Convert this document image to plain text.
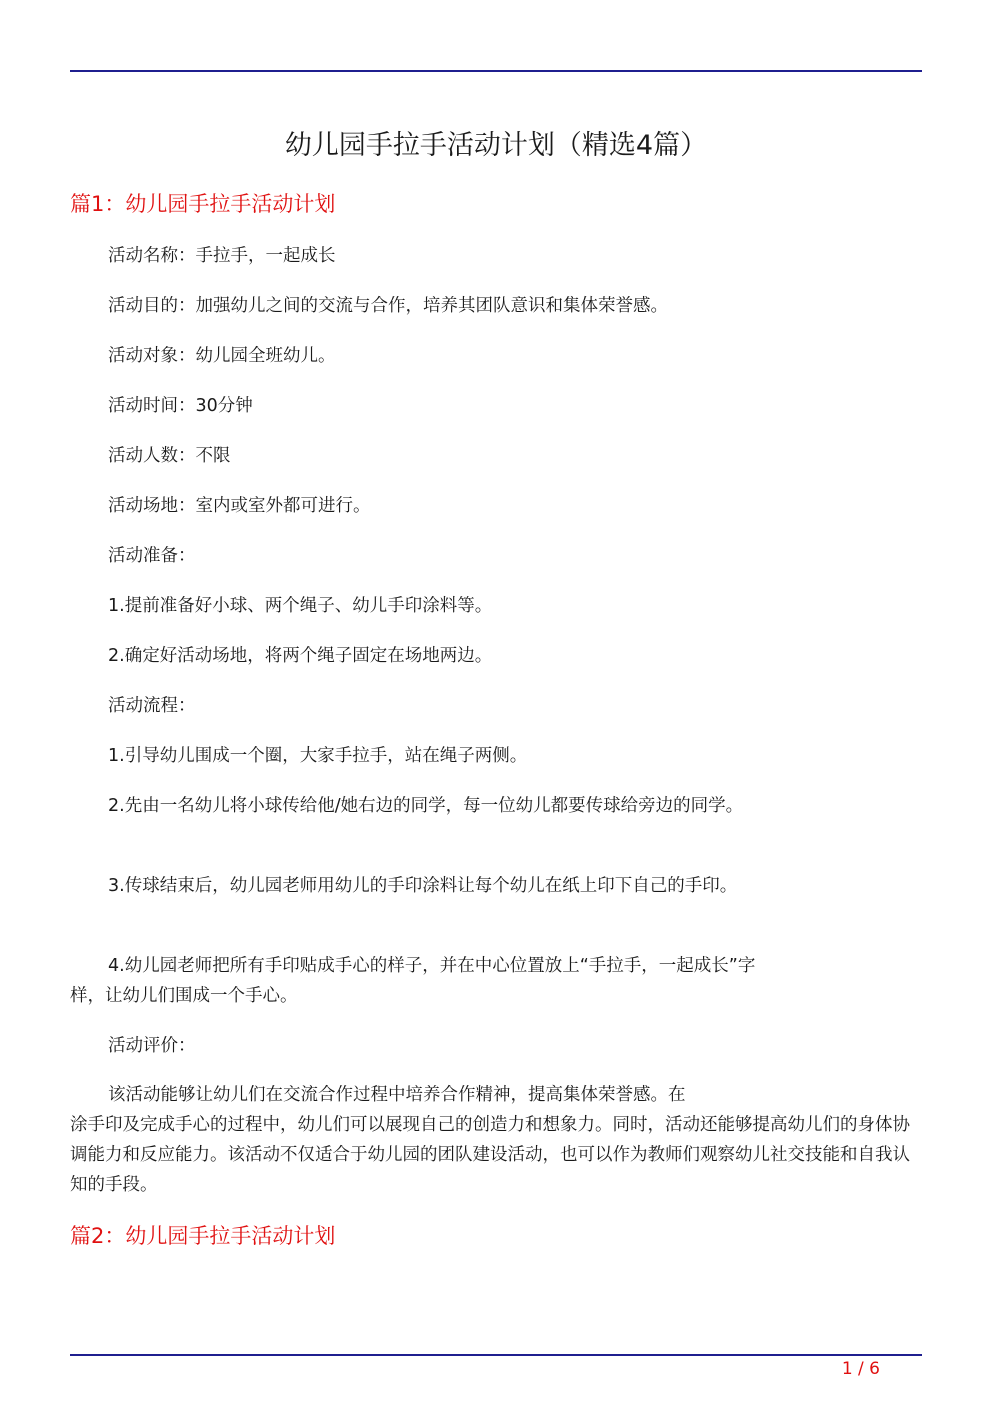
幼儿园手拉手活动计划（精选4篇）
篇1：幼儿园手拉手活动计划
活动名称：手拉手，一起成长
活动目的：加强幼儿之间的交流与合作，培养其团队意识和集体荣誉感。
活动对象：幼儿园全班幼儿。
活动时间：30分钟
活动人数：不限
活动场地：室内或室外都可进行。
活动准备：
1.提前准备好小球、两个绳子、幼儿手印涂料等。
2.确定好活动场地，将两个绳子固定在场地两边。
活动流程：
1.引导幼儿围成一个圈，大家手拉手，站在绳子两侧。
2.先由一名幼儿将小球传给他/她右边的同学，每一位幼儿都要传球给旁边的同学。
3.传球结束后，幼儿园老师用幼儿的手印涂料让每个幼儿在纸上印下自己的手印。
4.幼儿园老师把所有手印贴成手心的样子，并在中心位置放上“手拉手，一起成长”字样，让幼儿们围成一个手心。
活动评价：
该活动能够让幼儿们在交流合作过程中培养合作精神，提高集体荣誉感。在
涂手印及完成手心的过程中，幼儿们可以展现自己的创造力和想象力。同时，活动还能够提高幼儿们的身体协调能力和反应能力。该活动不仅适合于幼儿园的团队建设活动，也可以作为教师们观察幼儿社交技能和自我认知的手段。
篇2：幼儿园手拉手活动计划
1 / 6
